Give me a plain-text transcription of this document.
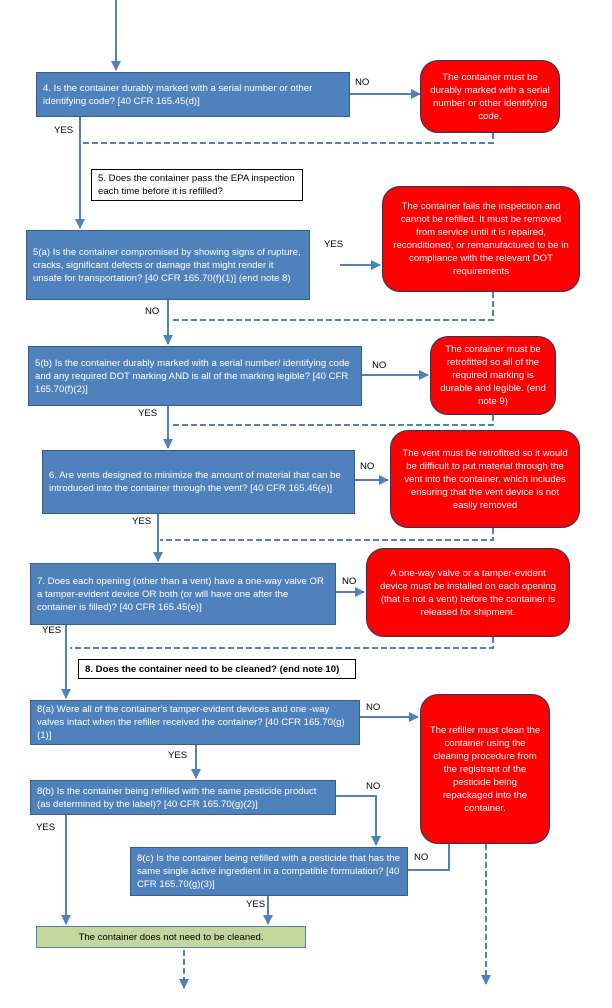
4. Is the container durably marked with a serial number or other identifying code? [40 CFR 165.45(d)]
5. Does the container pass the EPA inspection each time before it is refilled?
5(a) Is the container compromised by showing signs of rupture, cracks, significant defects or damage that might render it unsafe for transportation? [40 CFR 165.70(f)(1)] (end note 8)
5(b) Is the container durably marked with a serial number/ identifying code and any required DOT marking AND is all of the marking legible? [40 CFR 165.70(f)(2)]
6. Are vents designed to minimize the amount of material that can be introduced into the container through the vent? [40 CFR 165.45(e)]
7. Does each opening (other than a vent) have a one-way valve OR a tamper-evident device OR both (or will have one after the container is filled)? [40 CFR 165.45(e)]
8. Does the container need to be cleaned? (end note 10)
8(a) Were all of the container's tamper-evident devices and one -way valves intact when the refiller received the container? [40 CFR 165.70(g)(1)]
8(b) Is the container being refilled with the same pesticide product (as determined by the label)? [40 CFR 165.70(g)(2)]
8(c) Is the container being refilled with a pesticide that has the same single active ingredient in a compatible formulation? [40 CFR 165.70(g)(3)]
The container must be durably marked with a serial number or other identifying code.
The container fails the inspection and cannot be refilled. It must be removed from service until it is repaired, reconditioned, or remanufactured to be in compliance with the relevant DOT requirements
The container must be retrofitted so all of the required marking is durable and legible. (end note 9)
The vent must be retrofitted so it would be difficult to put material through the vent into the container, which includes ensuring that the vent device is not easily removed
A one-way valve or a tamper-evident device must be installed on each opening (that is not a vent) before the container is released for shipment.
The refiller must clean the container using the cleaning procedure from the registrant of the pesticide being repackaged into the container.
The container does not need to be cleaned.
NO
YES
YES
NO
NO
YES
NO
YES
NO
YES
NO
YES
NO
YES
NO
YES
